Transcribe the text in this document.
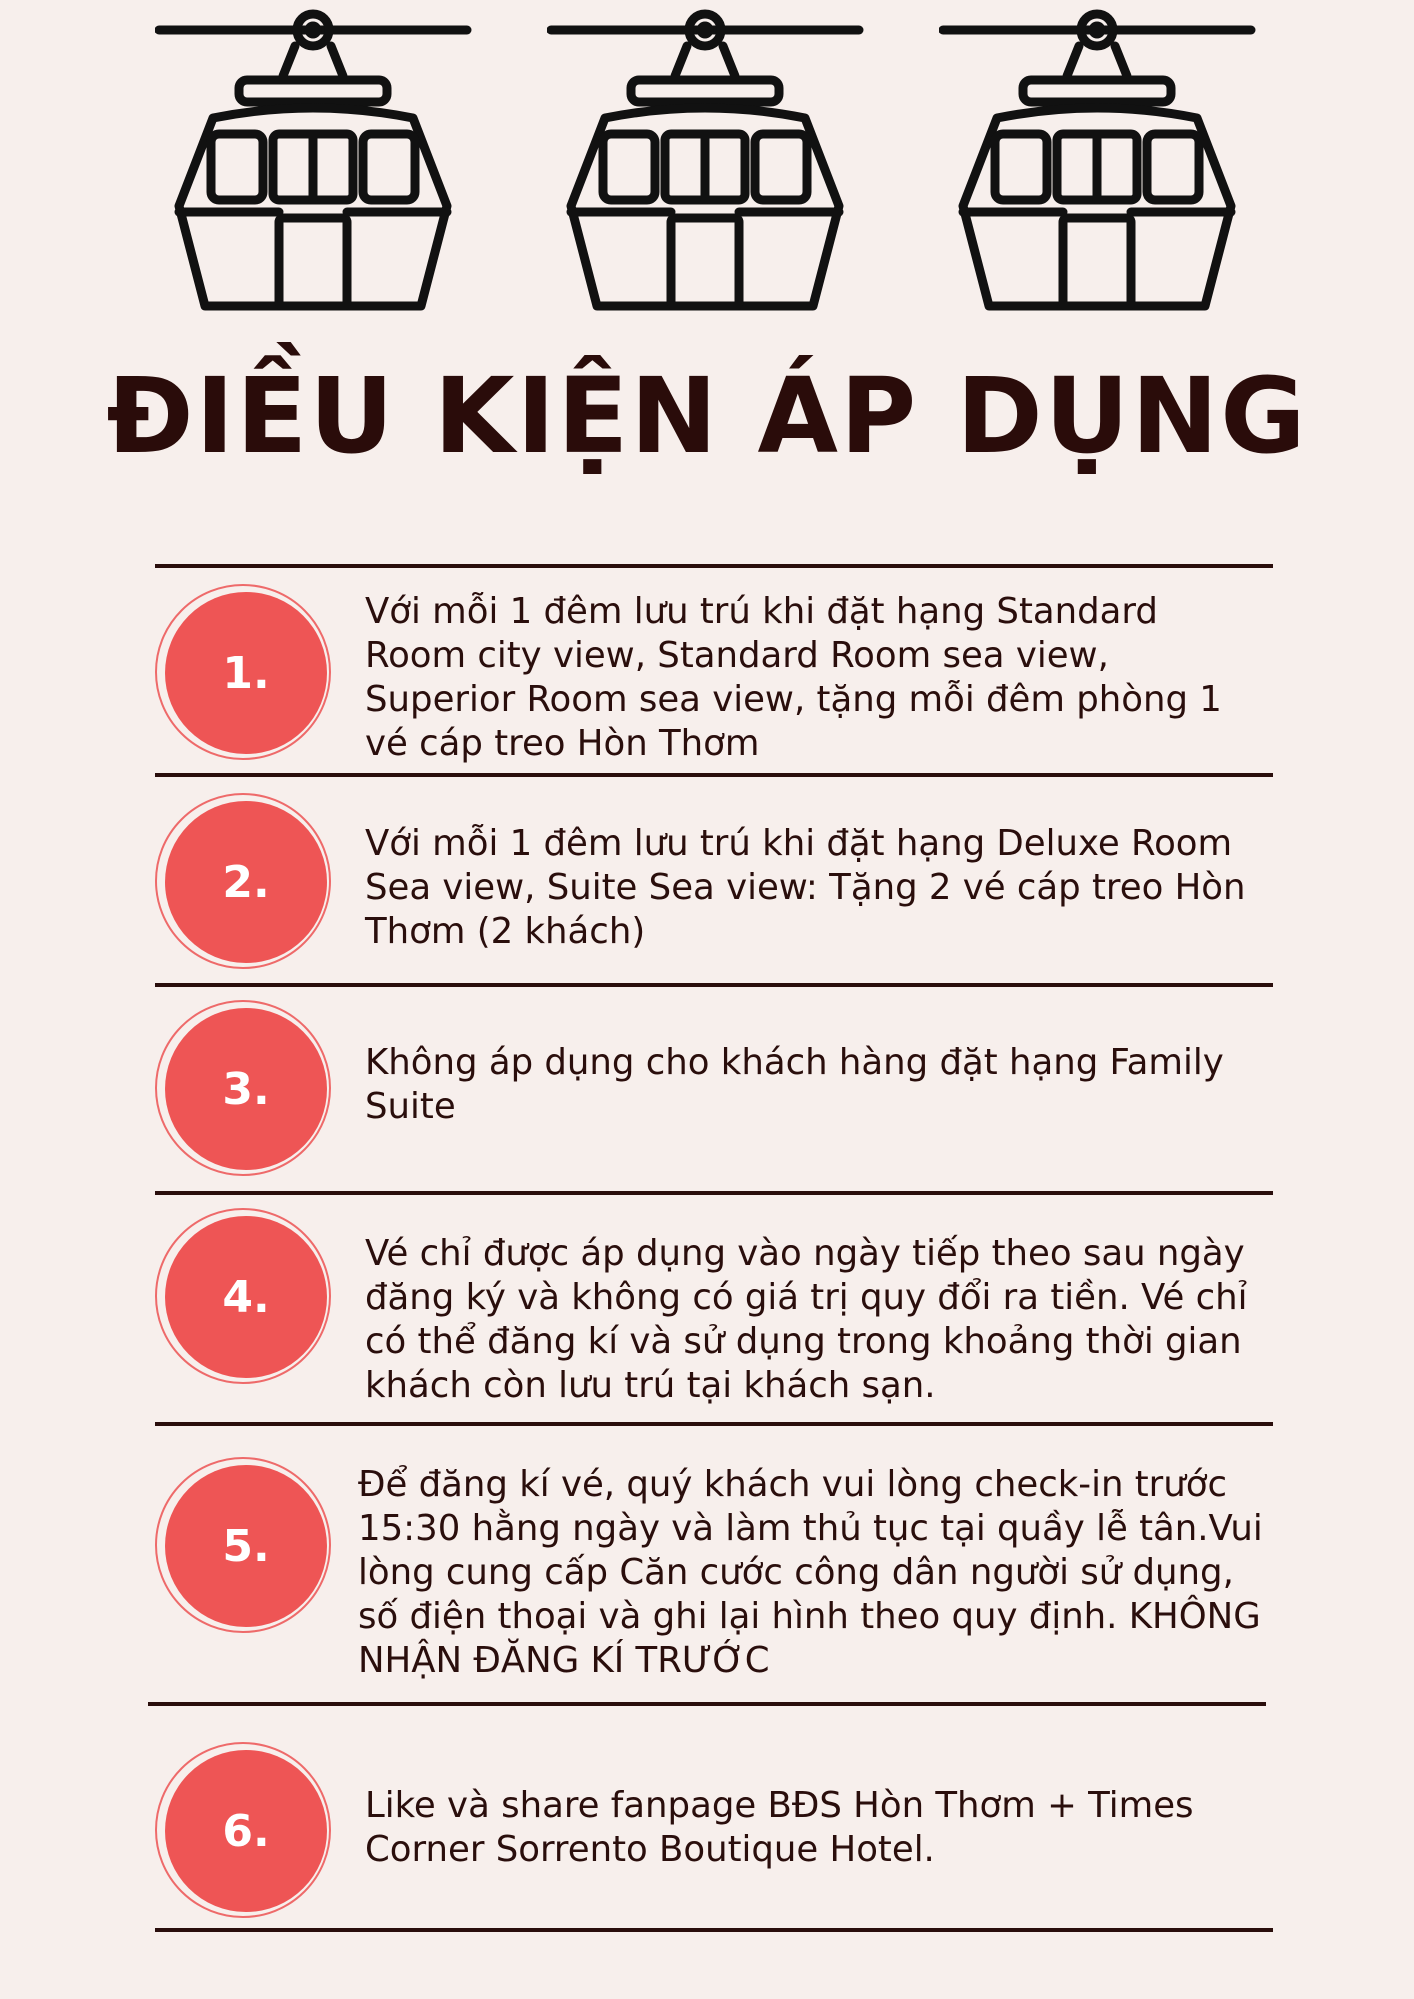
ĐIỀU KIỆN ÁP DỤNG
1.

Với mỗi 1 đêm lưu trú khi đặt hạng Standard Room city view, Standard Room sea view, Superior Room sea view, tặng mỗi đêm phòng 1 vé cáp treo Hòn Thơm

2.

Với mỗi 1 đêm lưu trú khi đặt hạng Deluxe Room Sea view, Suite Sea view: Tặng 2 vé cáp treo Hòn Thơm (2 khách)

3.

Không áp dụng cho khách hàng đặt hạng Family Suite

4.

Vé chỉ được áp dụng vào ngày tiếp theo sau ngày đăng ký và không có giá trị quy đổi ra tiền. Vé chỉ có thể đăng kí và sử dụng trong khoảng thời gian khách còn lưu trú tại khách sạn.

5.

Để đăng kí vé, quý khách vui lòng check-in trước 15:30 hằng ngày và làm thủ tục tại quầy lễ tân.Vui lòng cung cấp Căn cước công dân người sử dụng, số điện thoại và ghi lại hình theo quy định. KHÔNG NHẬN ĐĂNG KÍ TRƯỚC

6.	Like và share fanpage BĐS Hòn Thơm + Times Corner Sorrento Boutique Hotel.
